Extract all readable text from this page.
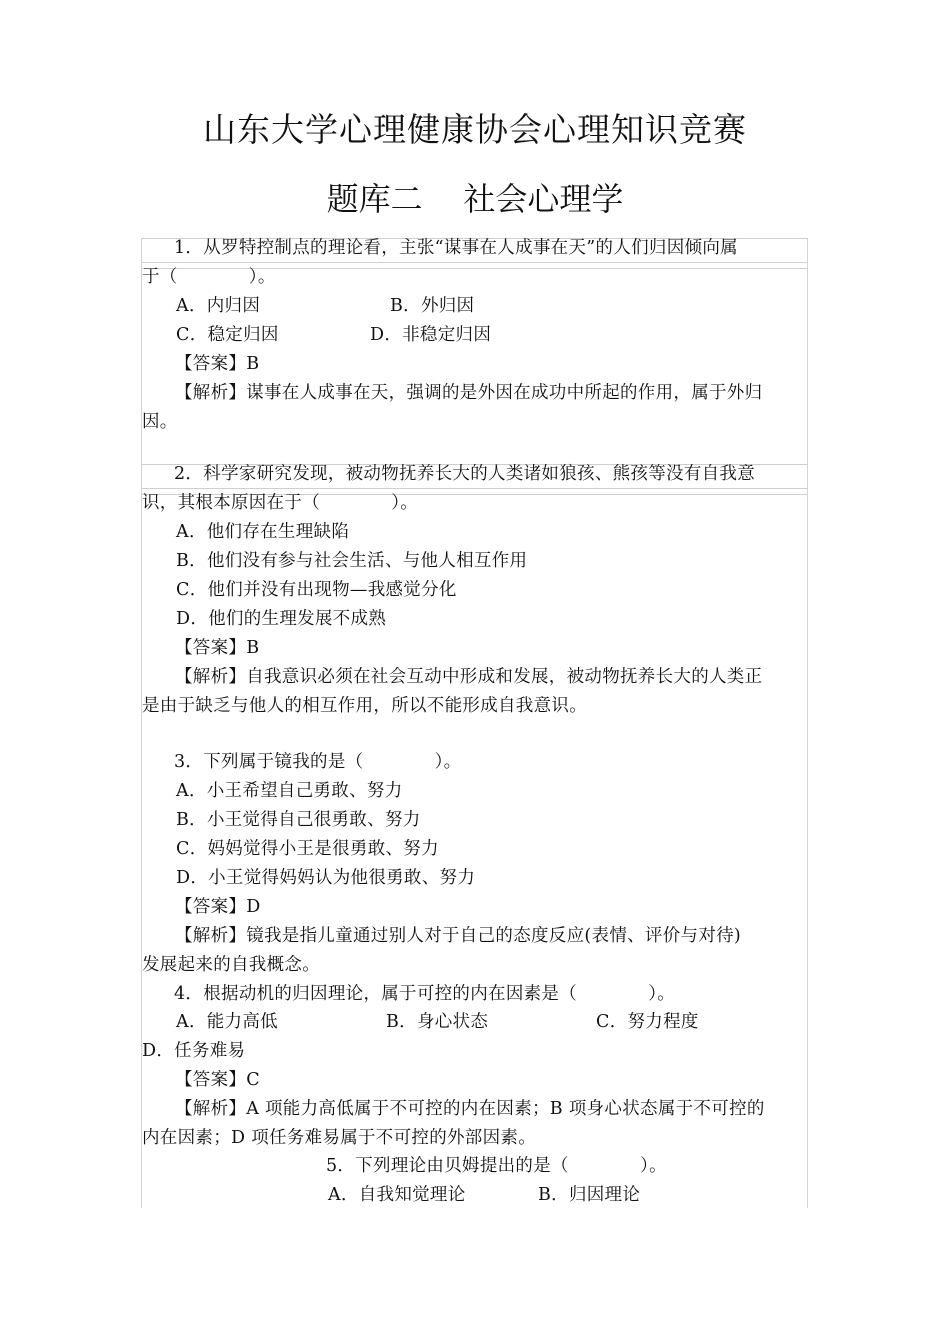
山东大学心理健康协会心理知识竞赛
题库二    社会心理学
1．从罗特控制点的理论看，主张“谋事在人成事在天”的人们归因倾向属
于（　　　　）。
A．内归因	B．外归因
C．稳定归因	D．非稳定归因
【答案】B
【解析】谋事在人成事在天，强调的是外因在成功中所起的作用，属于外归
因。
2．科学家研究发现，被动物抚养长大的人类诸如狼孩、熊孩等没有自我意
识，其根本原因在于（　　　　）。
A．他们存在生理缺陷
B．他们没有参与社会生活、与他人相互作用
C．他们并没有出现物—我感觉分化
D．他们的生理发展不成熟
【答案】B
【解析】自我意识必须在社会互动中形成和发展，被动物抚养长大的人类正
是由于缺乏与他人的相互作用，所以不能形成自我意识。
3．下列属于镜我的是（　　　　）。
A．小王希望自己勇敢、努力
B．小王觉得自己很勇敢、努力
C．妈妈觉得小王是很勇敢、努力
D．小王觉得妈妈认为他很勇敢、努力
【答案】D
【解析】镜我是指儿童通过别人对于自己的态度反应(表情、评价与对待)
发展起来的自我概念。
4．根据动机的归因理论，属于可控的内在因素是（　　　　）。
A．能力高低	B．身心状态	C．努力程度
D．任务难易
【答案】C
【解析】A 项能力高低属于不可控的内在因素；B 项身心状态属于不可控的
内在因素；D 项任务难易属于不可控的外部因素。
5．下列理论由贝姆提出的是（　　　　）。
A．自我知觉理论	B．归因理论
